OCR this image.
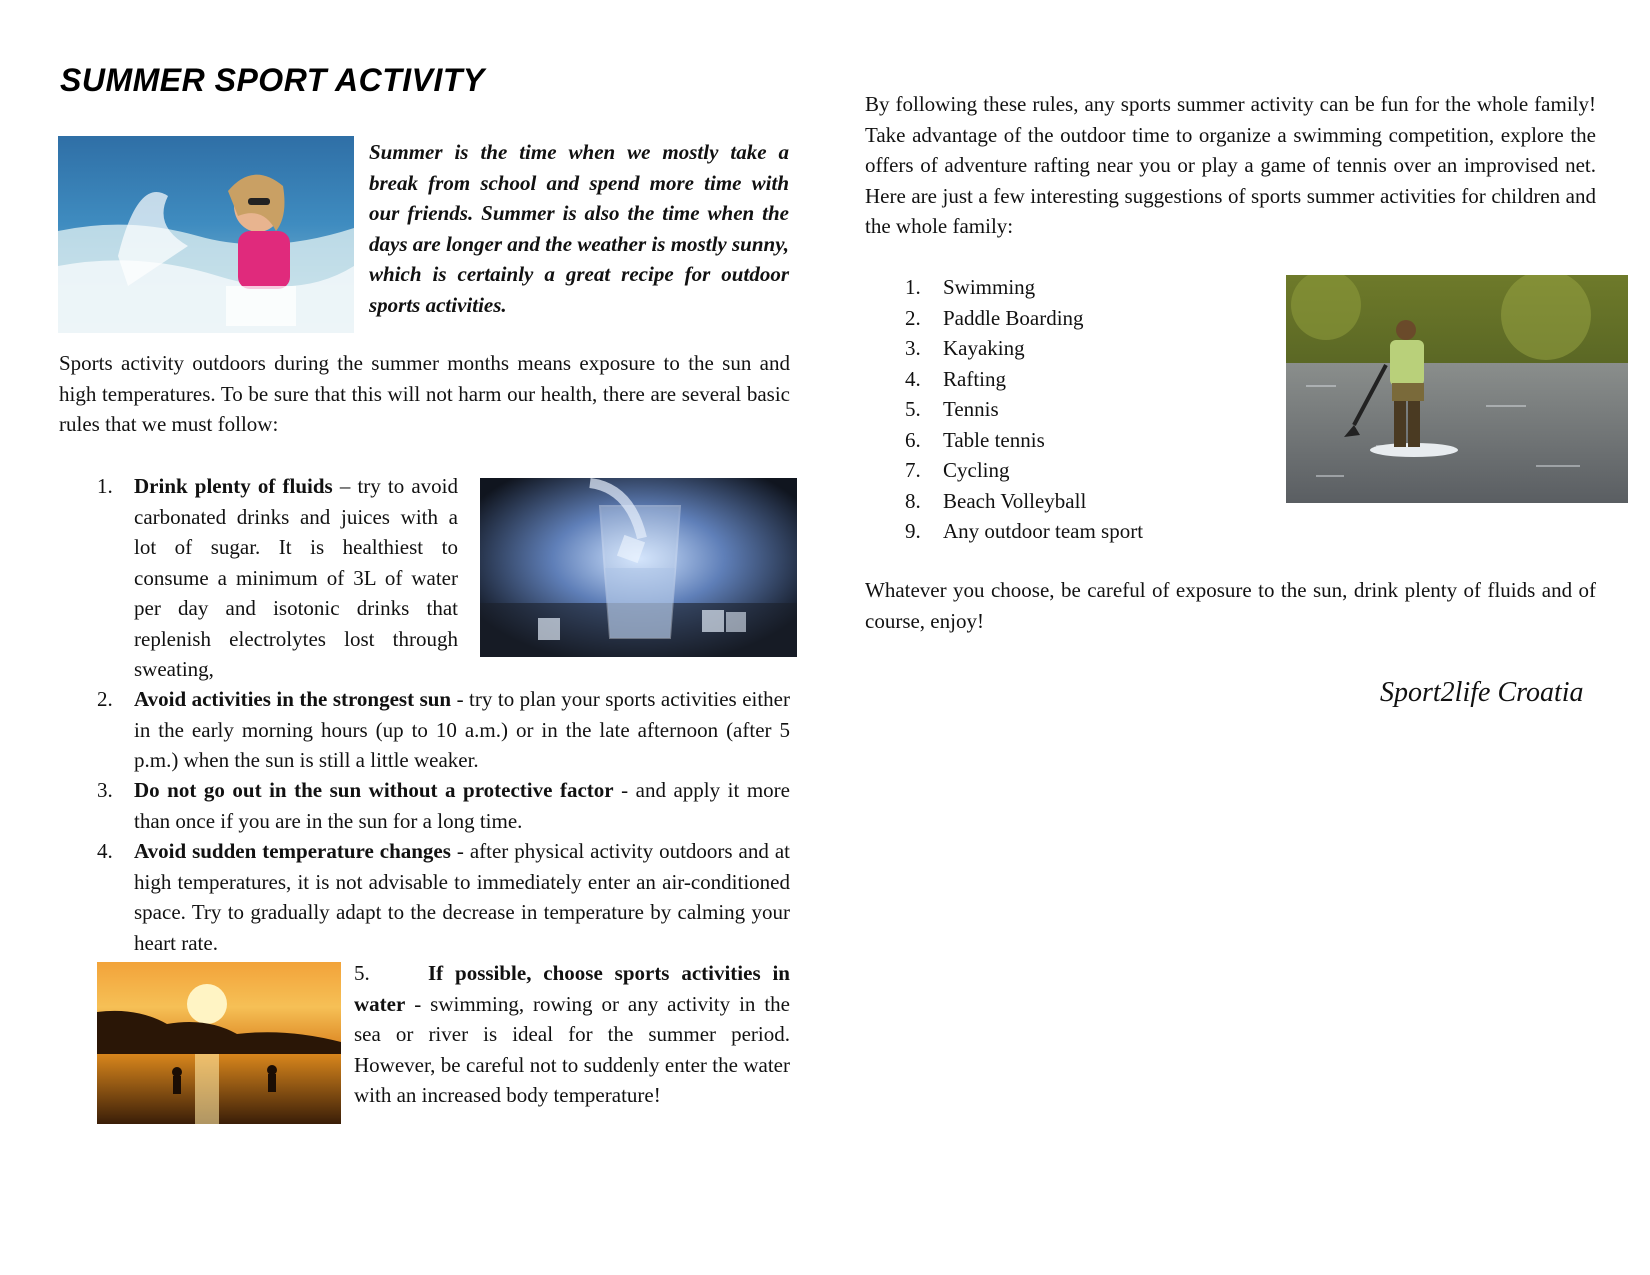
SUMMER SPORT ACTIVITY

Summer is the time when we mostly take a break from school and spend more time with our friends. Summer is also the time when the days are longer and the weather is mostly sunny, which is certainly a great recipe for outdoor sports activities.

Sports activity outdoors during the summer months means exposure to the sun and high temperatures. To be sure that this will not harm our health, there are several basic rules that we must follow:

1. Drink plenty of fluids – try to avoid carbonated drinks and juices with a lot of sugar. It is healthiest to consume a minimum of 3L of water per day and isotonic drinks that replenish electrolytes lost through sweating,

2. Avoid activities in the strongest sun - try to plan your sports activities either in the early morning hours (up to 10 a.m.) or in the late afternoon (after 5 p.m.) when the sun is still a little weaker.

3. Do not go out in the sun without a protective factor - and apply it more than once if you are in the sun for a long time.

4. Avoid sudden temperature changes - after physical activity outdoors and at high temperatures, it is not advisable to immediately enter an air-conditioned space. Try to gradually adapt to the decrease in temperature by calming your heart rate.

5.	If possible, choose sports activities in water - swimming, rowing or any activity in the sea or river is ideal for the summer period. However, be careful not to suddenly enter the water with an increased body temperature!

By following these rules, any sports summer activity can be fun for the whole family! Take advantage of the outdoor time to organize a swimming competition, explore the offers of adventure rafting near you or play a game of tennis over an improvised net. Here are just a few interesting suggestions of sports summer activities for children and the whole family:

1.	Swimming
2.	Paddle Boarding
3.	Kayaking
4.	Rafting
5.	Tennis
6.	Table tennis
7.	Cycling
8.	Beach Volleyball
9.	Any outdoor team sport

Whatever you choose, be careful of exposure to the sun, drink plenty of fluids and of course, enjoy!

Sport2life Croatia
